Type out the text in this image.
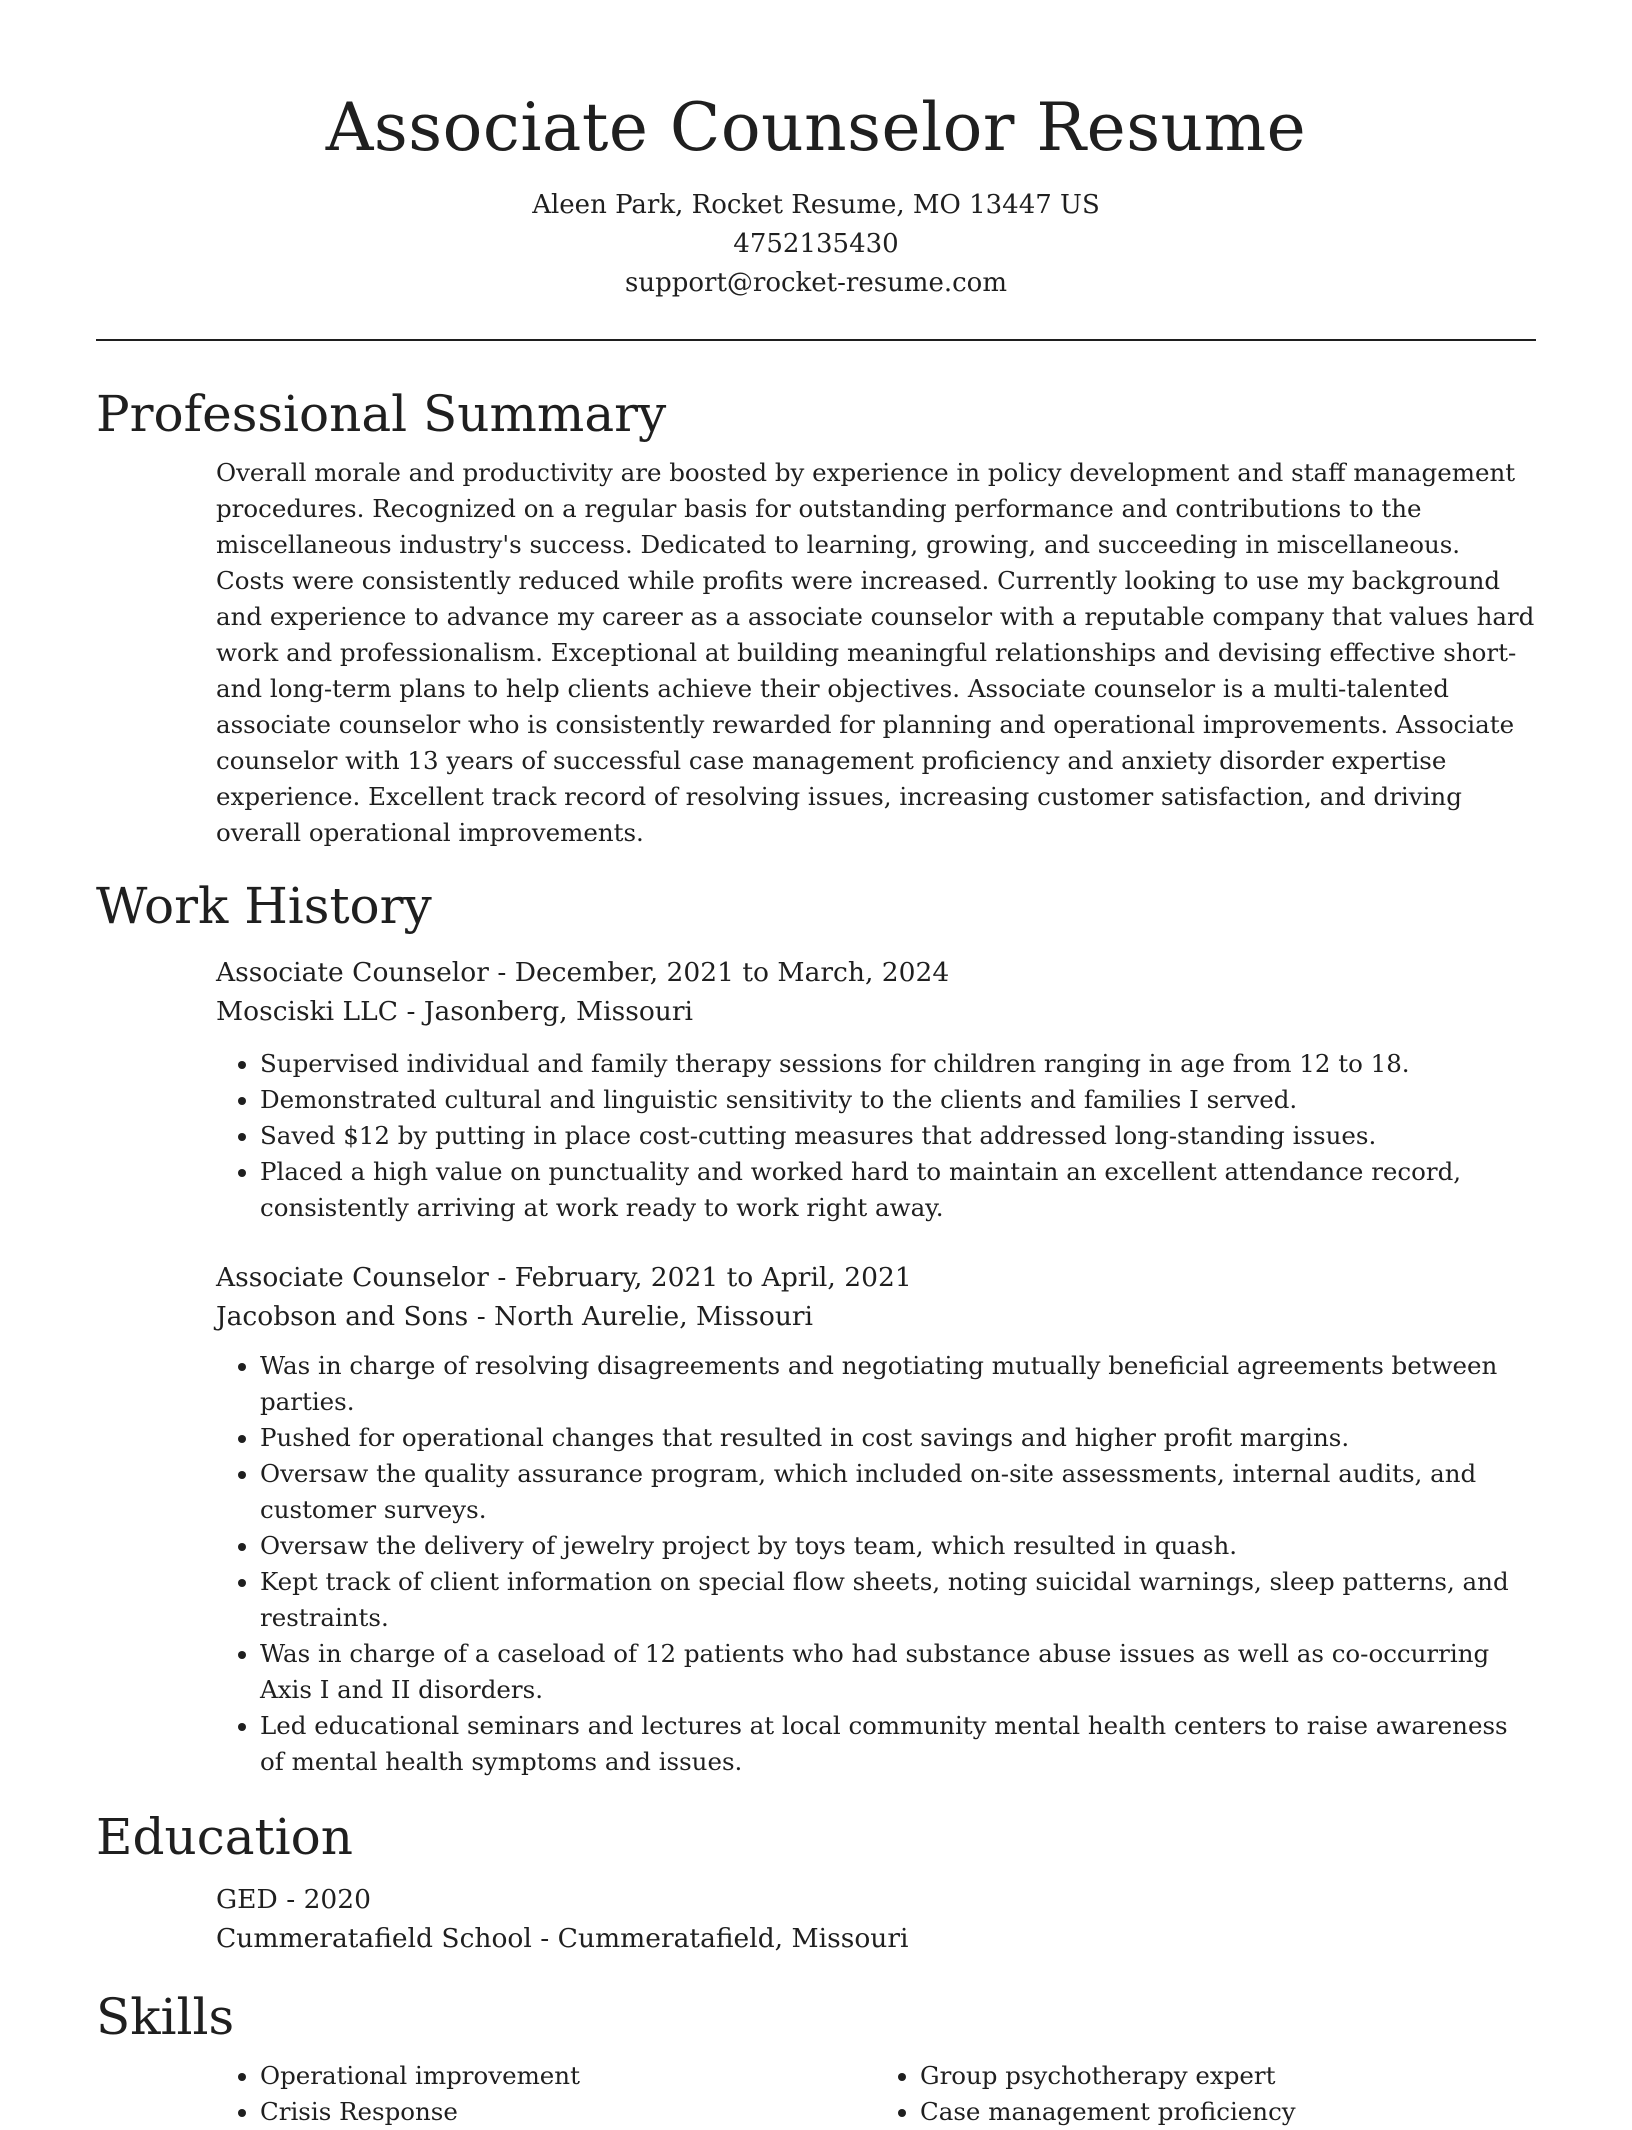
Associate Counselor Resume

Aleen Park, Rocket Resume, MO 13447 US

4752135430

support@rocket-resume.com

Professional Summary

Overall morale and productivity are boosted by experience in policy development and staff management procedures. Recognized on a regular basis for outstanding performance and contributions to the miscellaneous industry's success. Dedicated to learning, growing, and succeeding in miscellaneous. Costs were consistently reduced while profits were increased. Currently looking to use my background and experience to advance my career as a associate counselor with a reputable company that values hard work and professionalism. Exceptional at building meaningful relationships and devising effective short- and long-term plans to help clients achieve their objectives. Associate counselor is a multi-talented associate counselor who is consistently rewarded for planning and operational improvements. Associate counselor with 13 years of successful case management proficiency and anxiety disorder expertise experience. Excellent track record of resolving issues, increasing customer satisfaction, and driving overall operational improvements.

Work History

Associate Counselor - December, 2021 to March, 2024

Mosciski LLC - Jasonberg, Missouri

• Supervised individual and family therapy sessions for children ranging in age from 12 to 18.
• Demonstrated cultural and linguistic sensitivity to the clients and families I served.
• Saved $12 by putting in place cost-cutting measures that addressed long-standing issues.
• Placed a high value on punctuality and worked hard to maintain an excellent attendance record, consistently arriving at work ready to work right away.

Associate Counselor - February, 2021 to April, 2021

Jacobson and Sons - North Aurelie, Missouri

• Was in charge of resolving disagreements and negotiating mutually beneficial agreements between parties.
• Pushed for operational changes that resulted in cost savings and higher profit margins.
• Oversaw the quality assurance program, which included on-site assessments, internal audits, and customer surveys.
• Oversaw the delivery of jewelry project by toys team, which resulted in quash.
• Kept track of client information on special flow sheets, noting suicidal warnings, sleep patterns, and restraints.
• Was in charge of a caseload of 12 patients who had substance abuse issues as well as co-occurring Axis I and II disorders.
• Led educational seminars and lectures at local community mental health centers to raise awareness of mental health symptoms and issues.
Education

GED - 2020

Cummeratafield School - Cummeratafield, Missouri

Skills
• Operational improvement
• Crisis Response
• Group psychotherapy expert
• Case management proficiency
